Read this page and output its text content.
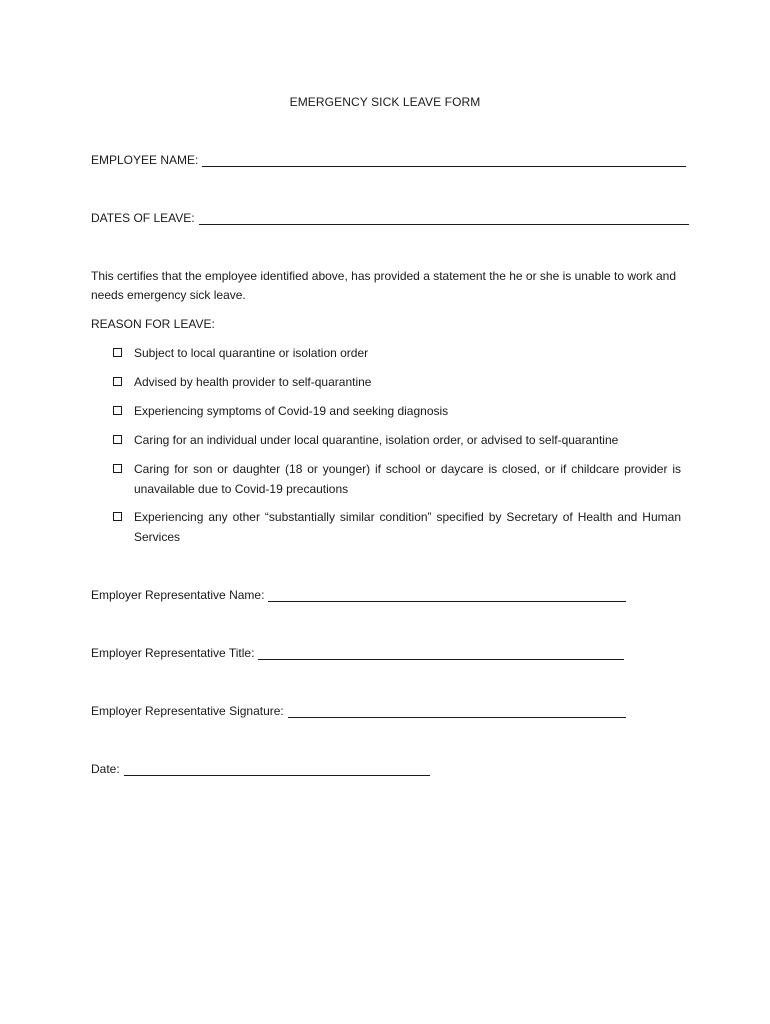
EMERGENCY SICK LEAVE FORM
EMPLOYEE NAME:
DATES OF LEAVE:
This certifies that the employee identified above, has provided a statement the he or she is unable to work and needs emergency sick leave.
REASON FOR LEAVE:
Subject to local quarantine or isolation order
Advised by health provider to self-quarantine
Experiencing symptoms of Covid-19 and seeking diagnosis
Caring for an individual under local quarantine, isolation order, or advised to self-quarantine
Caring for son or daughter (18 or younger) if school or daycare is closed, or if childcare provider is unavailable due to Covid-19 precautions
Experiencing any other “substantially similar condition” specified by Secretary of Health and Human Services
Employer Representative Name:
Employer Representative Title:
Employer Representative Signature:
Date:
